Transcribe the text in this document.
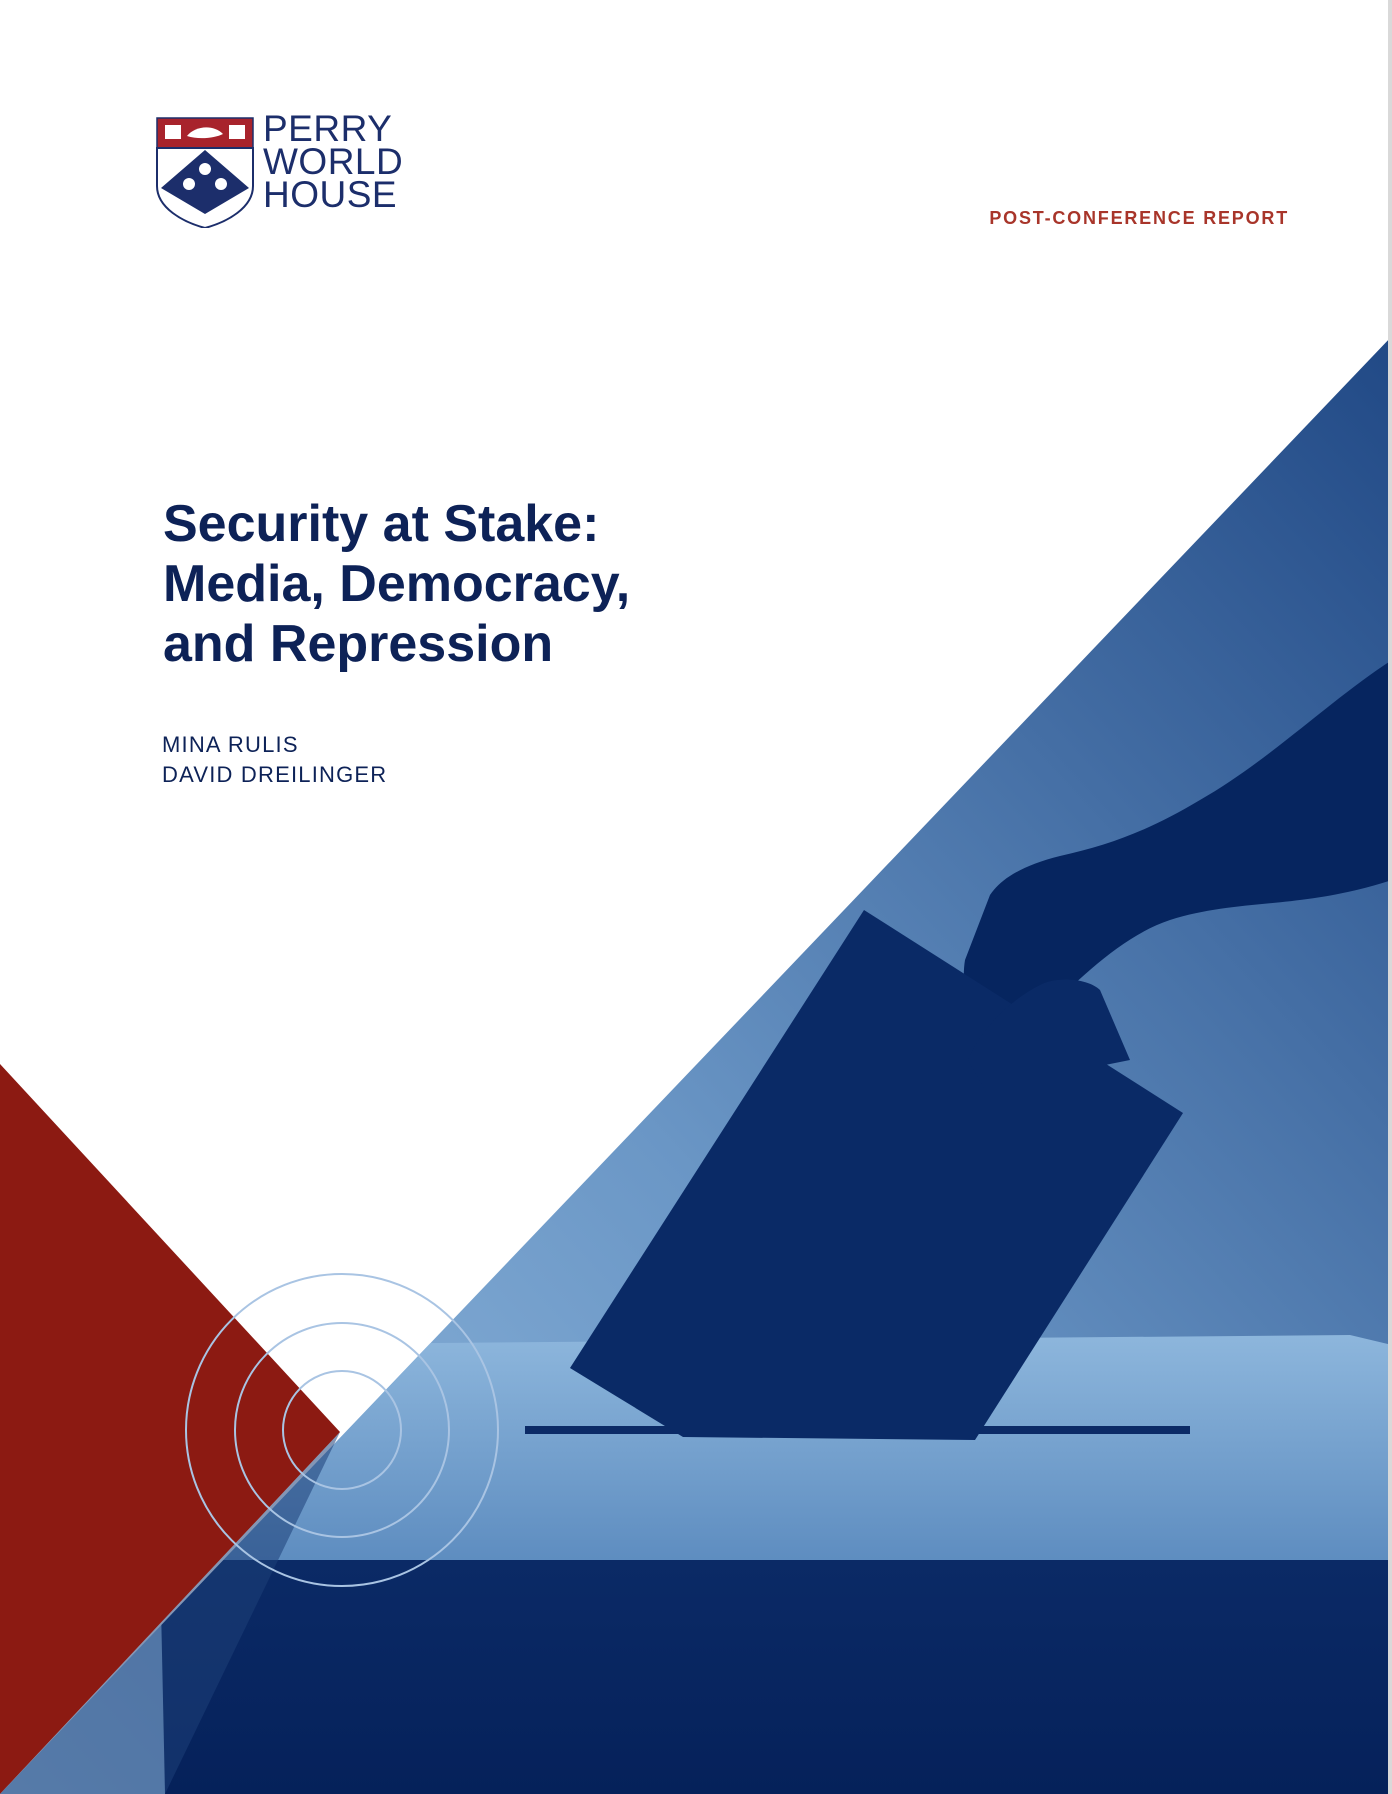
PERRY
WORLD
HOUSE
POST-CONFERENCE REPORT
Security at Stake:
Media, Democracy,
and Repression
MINA RULIS
DAVID DREILINGER
